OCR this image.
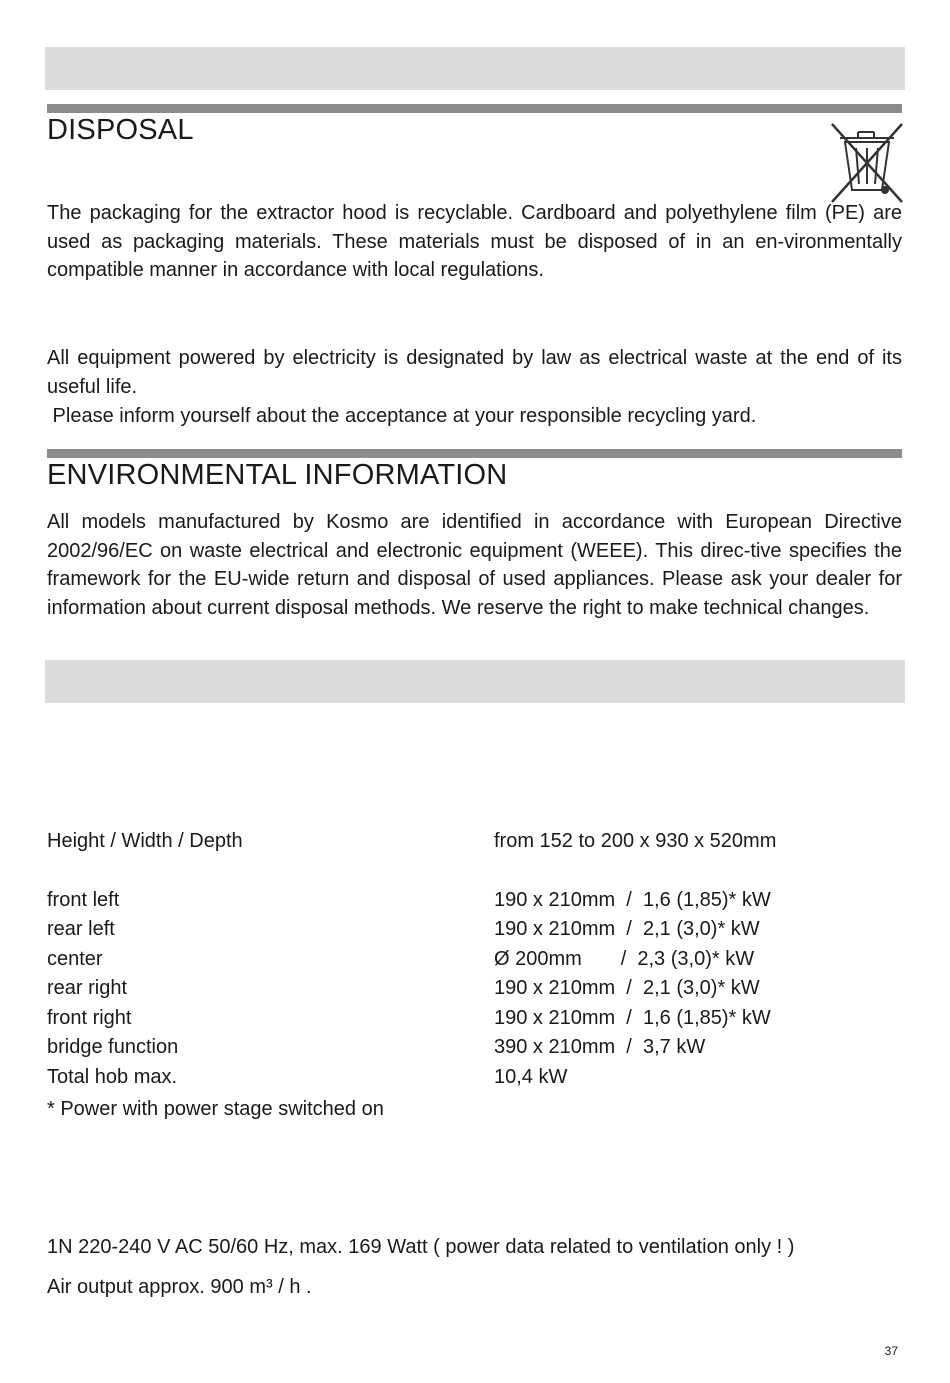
DISPOSAL

The packaging for the extractor hood is recyclable. Cardboard and polyethylene film (PE) are used as packaging materials. These materials must be disposed of in an en-vironmentally compatible manner in accordance with local regulations.

All equipment powered by electricity is designated by law as electrical waste at the end of its useful life.

Please inform yourself about the acceptance at your responsible recycling yard.

ENVIRONMENTAL INFORMATION

All models manufactured by Kosmo are identified in accordance with European Directive 2002/96/EC on waste electrical and electronic equipment (WEEE). This direc-tive specifies the framework for the EU-wide return and disposal of used appliances. Please ask your dealer for information about current disposal methods. We reserve the right to make technical changes.

Height / Width / Depth	from 152 to 200 x 930 x 520mm
front left	190 x 210mm  /  1,6 (1,85)* kW
rear left	190 x 210mm  /  2,1 (3,0)* kW
center	Ø 200mm       /  2,3 (3,0)* kW
rear right	190 x 210mm  /  2,1 (3,0)* kW
front right	190 x 210mm  /  1,6 (1,85)* kW
bridge function	390 x 210mm  /  3,7 kW
Total hob max.	10,4 kW
* Power with power stage switched on
1N 220-240 V AC 50/60 Hz, max. 169 Watt ( power data related to ventilation only ! )
Air output approx. 900 m³ / h .
37
